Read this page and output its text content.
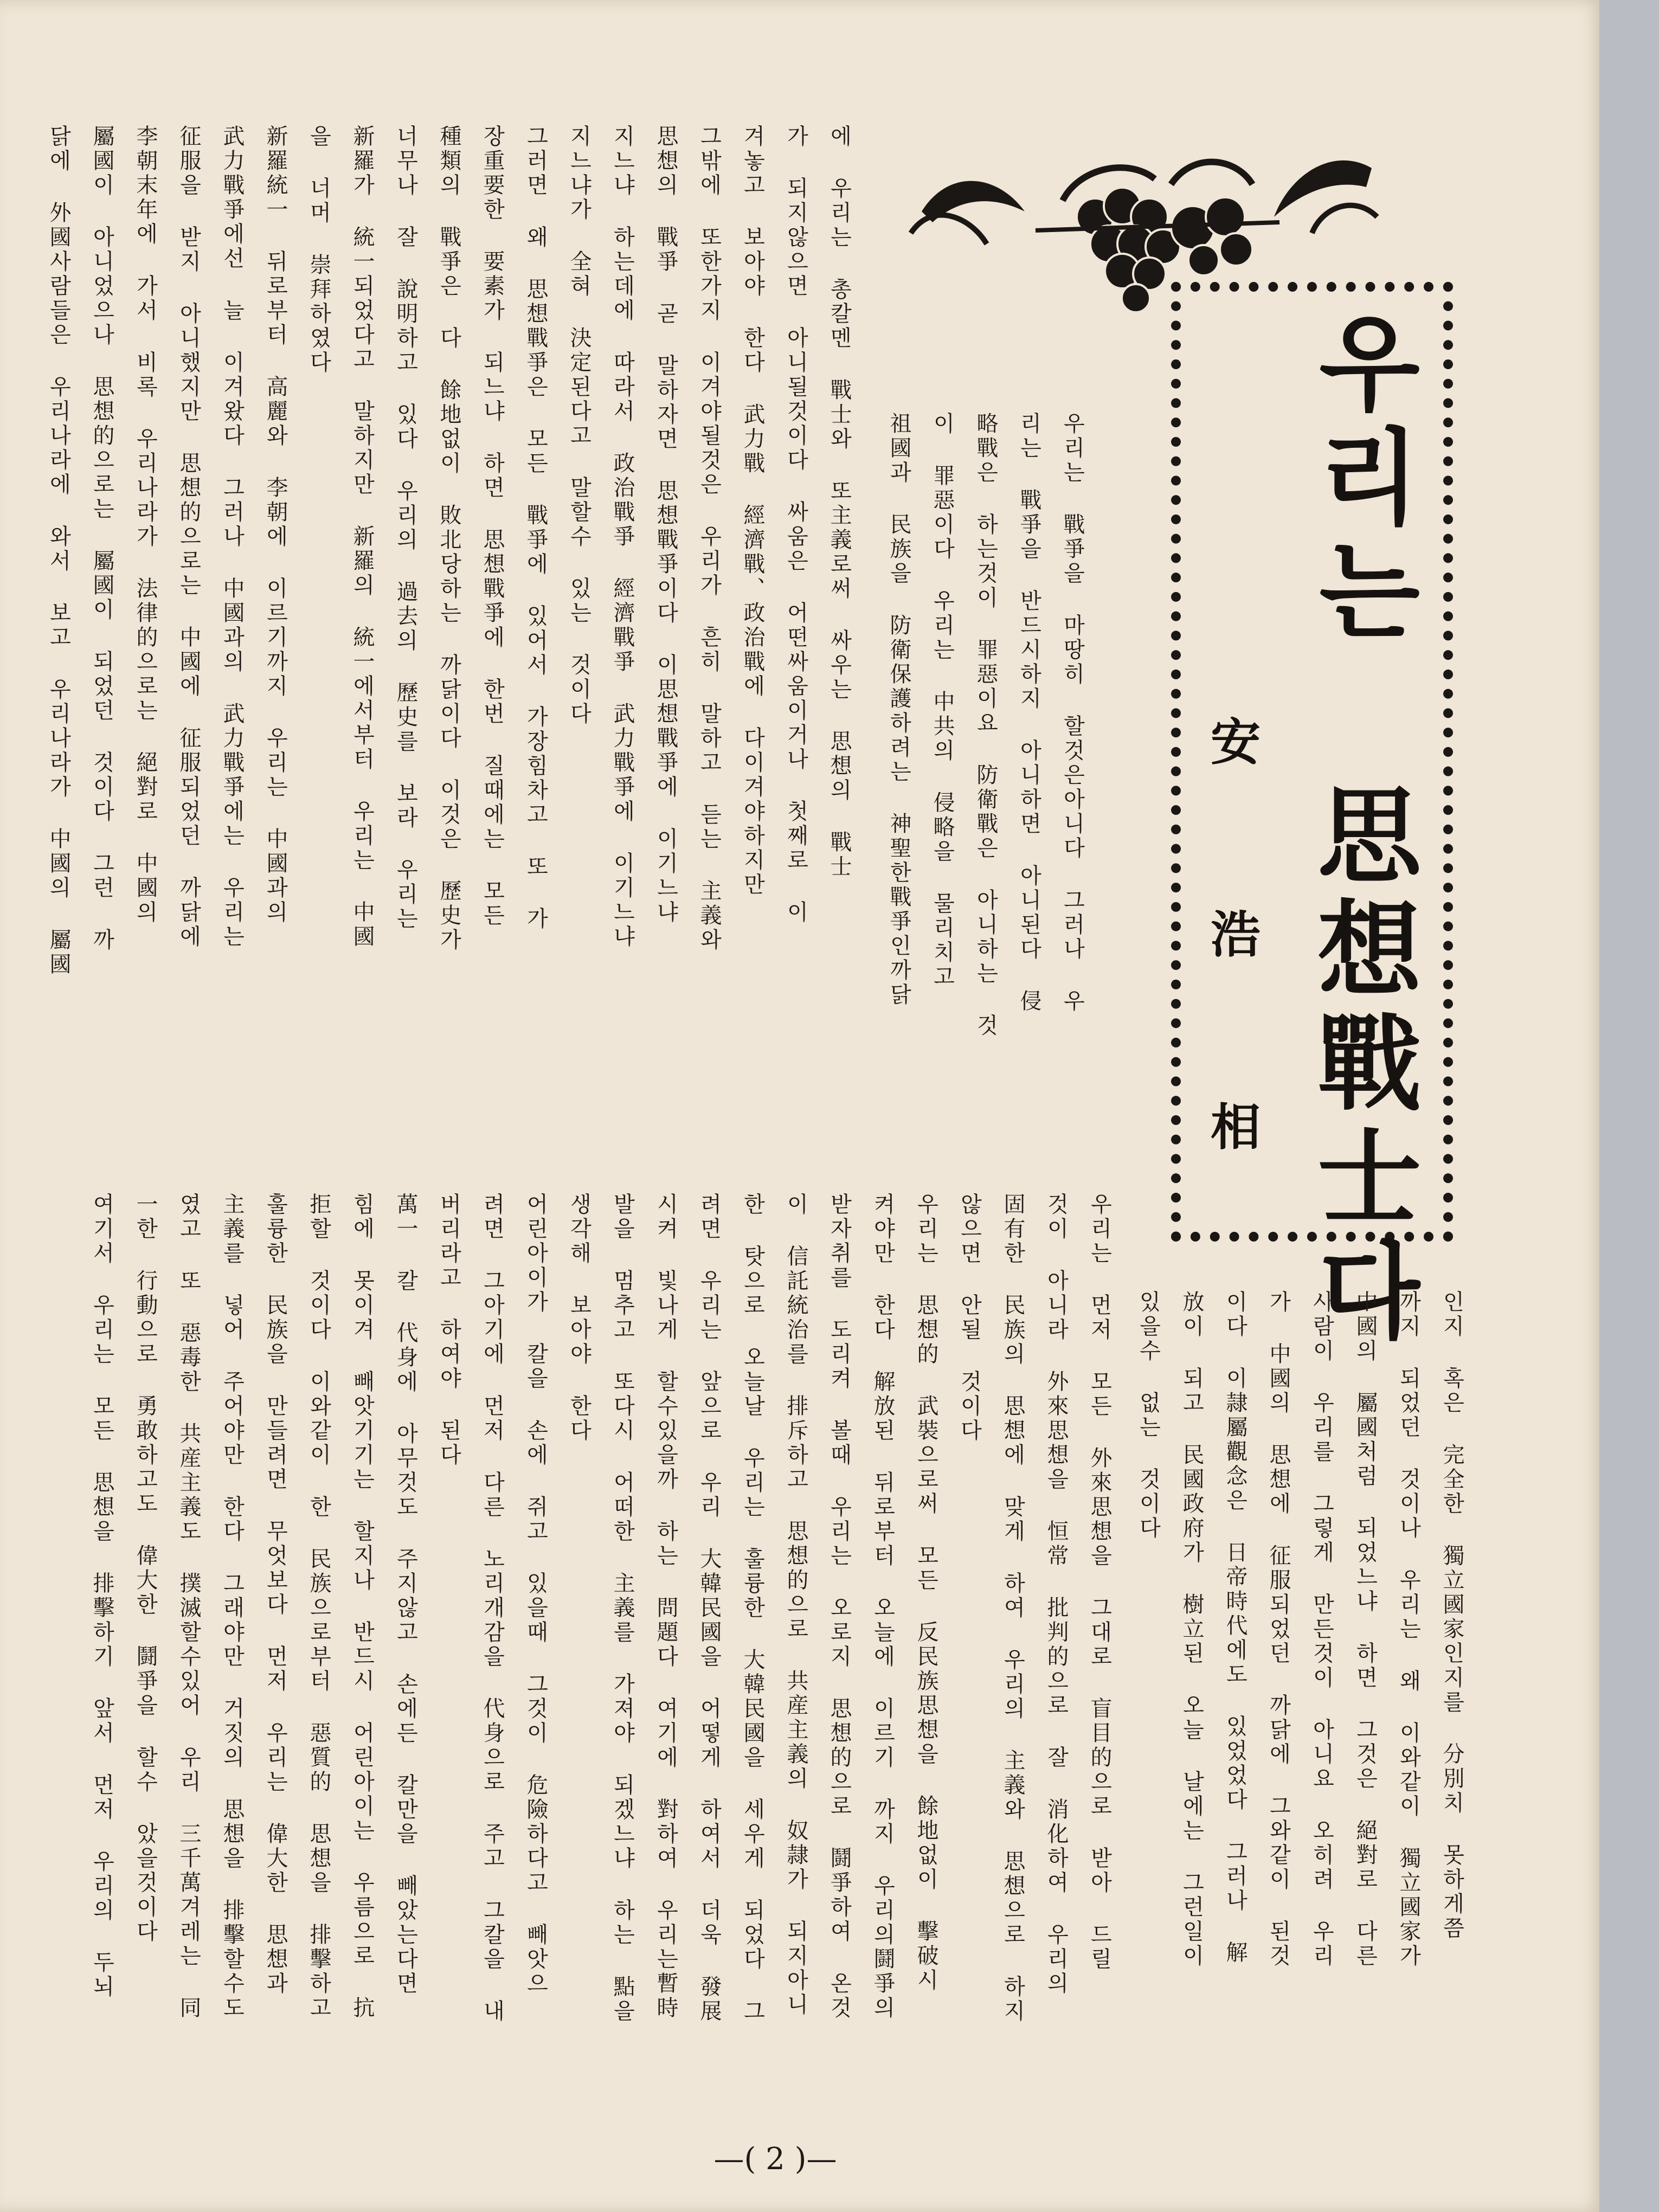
우리는 思想戰士다
安 浩 相
우리는 戰爭을 마땅히 할것은아니다 그러나 우
리는 戰爭을 반드시하지 아니하면 아니된다 侵
略戰은 하는것이 罪惡이요 防衛戰은 아니하는 것
이 罪惡이다 우리는 中共의 侵略을 물리치고
祖國과 民族을 防衛保護하려는 神聖한戰爭인까닭
에 우리는 총칼멘 戰士와 또主義로써 싸우는 思想의 戰士
가 되지않으면 아니될것이다 싸움은 어떤싸움이거나 첫째로 이
겨놓고 보아야 한다 武力戰 經濟戰、政治戰에 다이겨야하지만
그밖에 또한가지 이겨야될것은 우리가 흔히 말하고 듣는 主義와
思想의 戰爭 곧 말하자면 思想戰爭이다 이思想戰爭에 이기느냐
지느냐 하는데에 따라서 政治戰爭 經濟戰爭 武力戰爭에 이기느냐
지느냐가 全혀 決定된다고 말할수 있는 것이다
그러면 왜 思想戰爭은 모든 戰爭에 있어서 가장힘차고 또 가
장重要한 要素가 되느냐 하면 思想戰爭에 한번 질때에는 모든
種類의 戰爭은 다 餘地없이 敗北당하는 까닭이다 이것은 歷史가
너무나 잘 說明하고 있다 우리의 過去의 歷史를 보라 우리는
新羅가 統一되었다고 말하지만 新羅의 統一에서부터 우리는 中國
을 너머 崇拜하였다
新羅統一 뒤로부터 高麗와 李朝에 이르기까지 우리는 中國과의
武力戰爭에선 늘 이겨왔다 그러나 中國과의 武力戰爭에는 우리는
征服을 받지 아니했지만 思想的으로는 中國에 征服되었던 까닭에
李朝末年에 가서 비록 우리나라가 法律的으로는 絕對로 中國의
屬國이 아니었으나 思想的으로는 屬國이 되었던 것이다 그런 까
닭에 外國사람들은 우리나라에 와서 보고 우리나라가 中國의 屬國
인지 혹은 完全한 獨立國家인지를 分別치 못하게쯤
까지 되었던 것이나 우리는 왜 이와같이 獨立國家가
中國의 屬國처럼 되었느냐 하면 그것은 絕對로 다른
사람이 우리를 그렇게 만든것이 아니요 오히려 우리
가 中國의 思想에 征服되었던 까닭에 그와같이 된것
이다 이隷屬觀念은 日帝時代에도 있었었다 그러나 解
放이 되고 民國政府가 樹立된 오늘 날에는 그런일이
있을수 없는 것이다
우리는 먼저 모든 外來思想을 그대로 盲目的으로 받아 드릴
것이 아니라 外來思想을 恒常 批判的으로 잘 消化하여 우리의
固有한 民族의 思想에 맞게 하여 우리의 主義와 思想으로 하지
않으면 안될 것이다
우리는 思想的 武裝으로써 모든 反民族思想을 餘地없이 擊破시
켜야만 한다 解放된 뒤로부터 오늘에 이르기 까지 우리의鬪爭의
받자취를 도리켜 볼때 우리는 오로지 思想的으로 鬪爭하여 온것
이 信託統治를 排斥하고 思想的으로 共産主義의 奴隷가 되지아니
한 탓으로 오늘날 우리는 훌륭한 大韓民國을 세우게 되었다 그
려면 우리는 앞으로 우리 大韓民國을 어떻게 하여서 더욱 發展
시켜 빛나게 할수있을까 하는 問題다 여기에 對하여 우리는暫時
발을 멈추고 또다시 어떠한 主義를 가져야 되겠느냐 하는 點을
생각해 보아야 한다
어린아이가 칼을 손에 쥐고 있을때 그것이 危險하다고 빼앗으
려면 그아기에 먼저 다른 노리개감을 代身으로 주고 그칼을 내
버리라고 하여야 된다
萬一 칼 代身에 아무것도 주지않고 손에든 칼만을 빼았는다면
힘에 못이겨 빼앗기기는 할지나 반드시 어린아이는 우름으로 抗
拒할 것이다 이와같이 한 民族으로부터 惡質的 思想을 排擊하고
훌륭한 民族을 만들려면 무엇보다 먼저 우리는 偉大한 思想과
主義를 넣어 주어야만 한다 그래야만 거짓의 思想을 排擊할수도
였고 또 惡毒한 共産主義도 撲滅할수있어 우리 三千萬겨레는 同
一한 行動으로 勇敢하고도 偉大한 鬪爭을 할수 았을것이다
여기서 우리는 모든 思想을 排擊하기 앞서 먼저 우리의 두뇌
—( 2 )—
